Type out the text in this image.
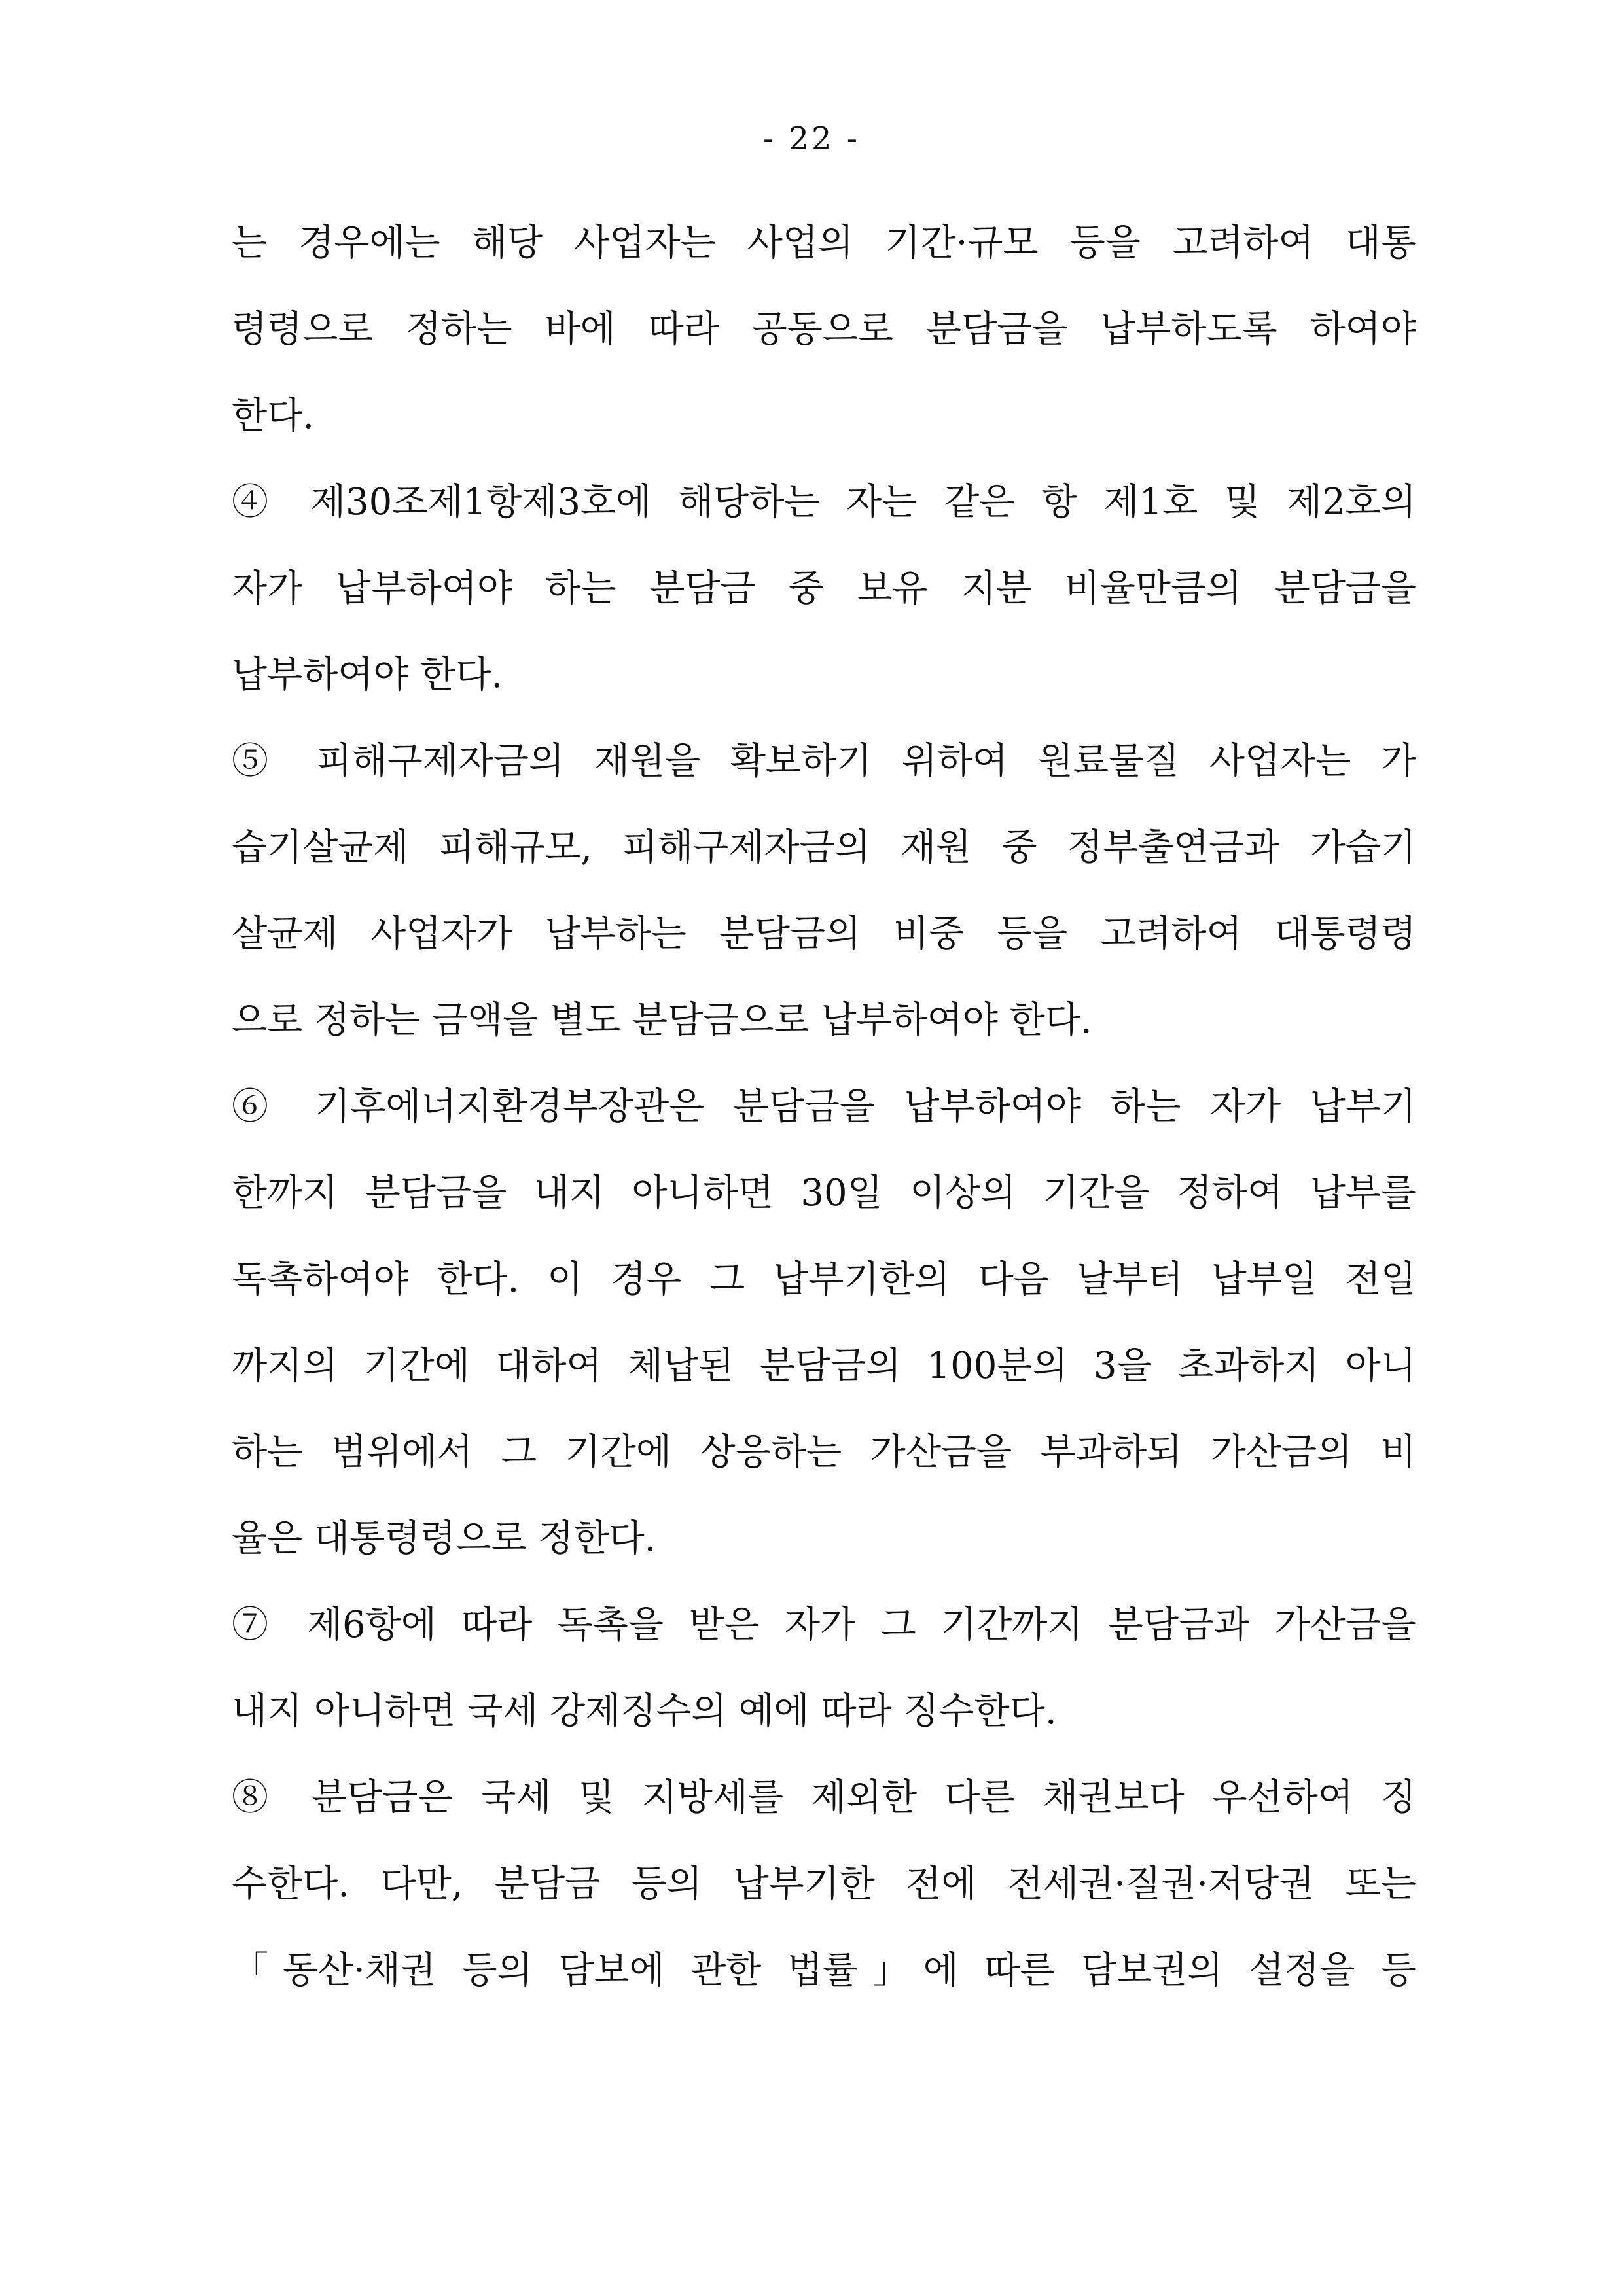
- 22 -
는 경우에는 해당 사업자는 사업의 기간·규모 등을 고려하여 대통
령령으로 정하는 바에 따라 공동으로 분담금을 납부하도록 하여야
한다.
④ 제30조제1항제3호에 해당하는 자는 같은 항 제1호 및 제2호의
자가 납부하여야 하는 분담금 중 보유 지분 비율만큼의 분담금을
납부하여야 한다.
⑤ 피해구제자금의 재원을 확보하기 위하여 원료물질 사업자는 가
습기살균제 피해규모, 피해구제자금의 재원 중 정부출연금과 가습기
살균제 사업자가 납부하는 분담금의 비중 등을 고려하여 대통령령
으로 정하는 금액을 별도 분담금으로 납부하여야 한다.
⑥ 기후에너지환경부장관은 분담금을 납부하여야 하는 자가 납부기
한까지 분담금을 내지 아니하면 30일 이상의 기간을 정하여 납부를
독촉하여야 한다. 이 경우 그 납부기한의 다음 날부터 납부일 전일
까지의 기간에 대하여 체납된 분담금의 100분의 3을 초과하지 아니
하는 범위에서 그 기간에 상응하는 가산금을 부과하되 가산금의 비
율은 대통령령으로 정한다.
⑦ 제6항에 따라 독촉을 받은 자가 그 기간까지 분담금과 가산금을
내지 아니하면 국세 강제징수의 예에 따라 징수한다.
⑧ 분담금은 국세 및 지방세를 제외한 다른 채권보다 우선하여 징
수한다. 다만, 분담금 등의 납부기한 전에 전세권·질권·저당권 또는
「동산·채권 등의 담보에 관한 법률」에 따른 담보권의 설정을 등
